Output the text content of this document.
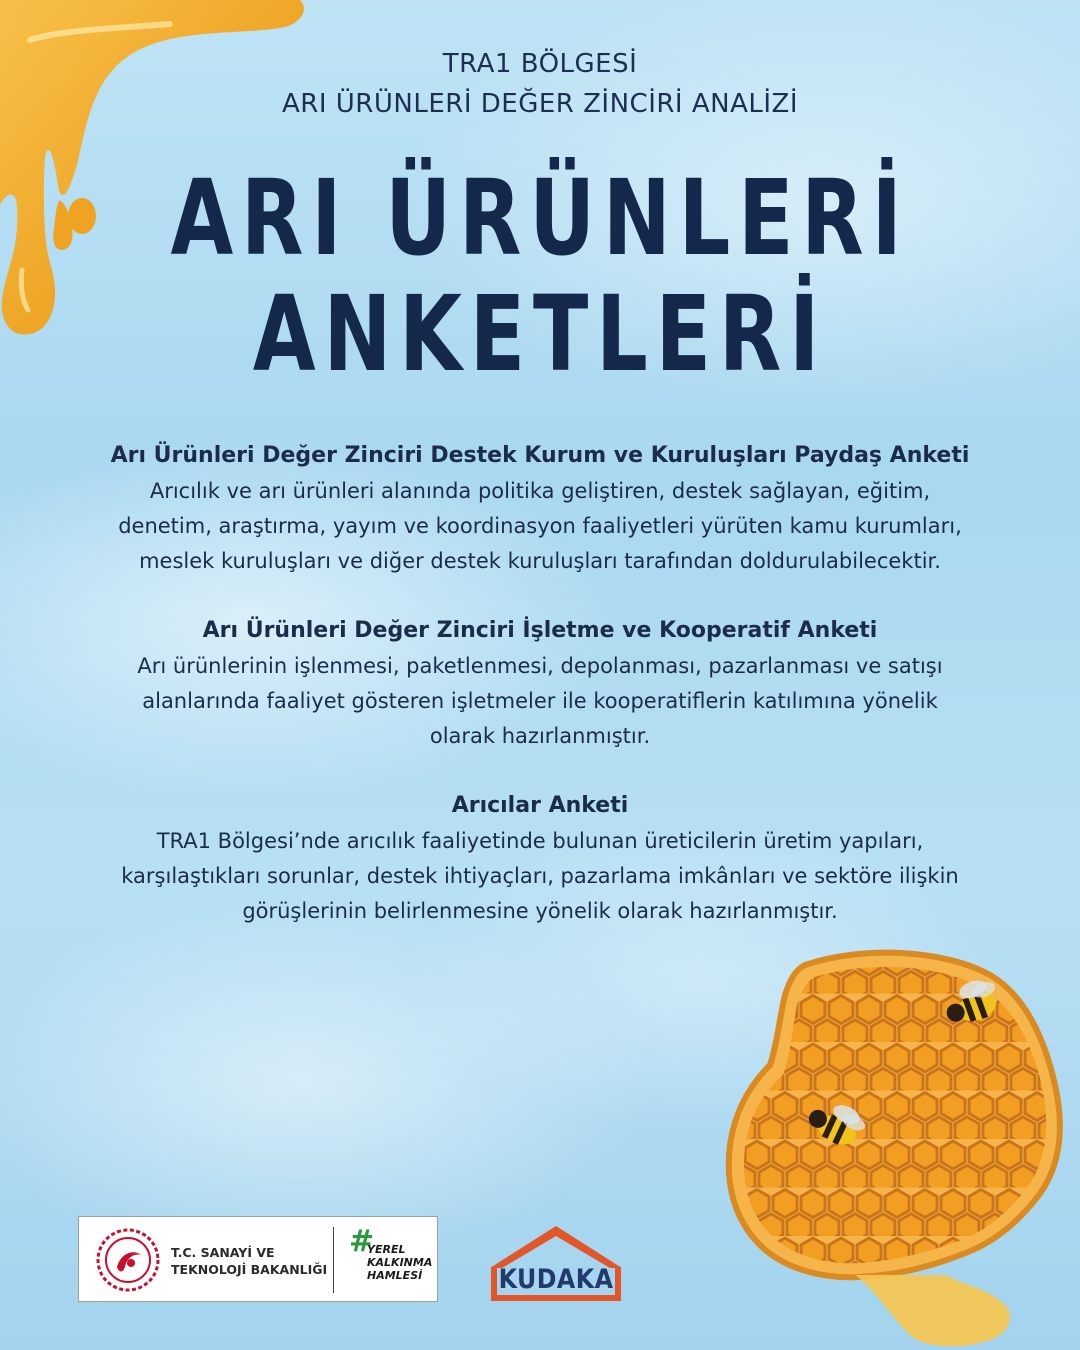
TRA1 BÖLGESİ
ARI ÜRÜNLERİ DEĞER ZİNCİRİ ANALİZİ
ARI ÜRÜNLERİ
ANKETLERİ
Arı Ürünleri Değer Zinciri Destek Kurum ve Kuruluşları Paydaş Anketi

Arıcılık ve arı ürünleri alanında politika geliştiren, destek sağlayan, eğitim,

denetim, araştırma, yayım ve koordinasyon faaliyetleri yürüten kamu kurumları,

meslek kuruluşları ve diğer destek kuruluşları tarafından doldurulabilecektir.

Arı Ürünleri Değer Zinciri İşletme ve Kooperatif Anketi

Arı ürünlerinin işlenmesi, paketlenmesi, depolanması, pazarlanması ve satışı

alanlarında faaliyet gösteren işletmeler ile kooperatiflerin katılımına yönelik

olarak hazırlanmıştır.

Arıcılar Anketi

TRA1 Bölgesi’nde arıcılık faaliyetinde bulunan üreticilerin üretim yapıları,

karşılaştıkları sorunlar, destek ihtiyaçları, pazarlama imkânları ve sektöre ilişkin

görüşlerinin belirlenmesine yönelik olarak hazırlanmıştır.

T.C. SANAYİ VE
TEKNOLOJİ BAKANLIĞI
#
YEREL
KALKINMA
HAMLESİ	KUDAKA
